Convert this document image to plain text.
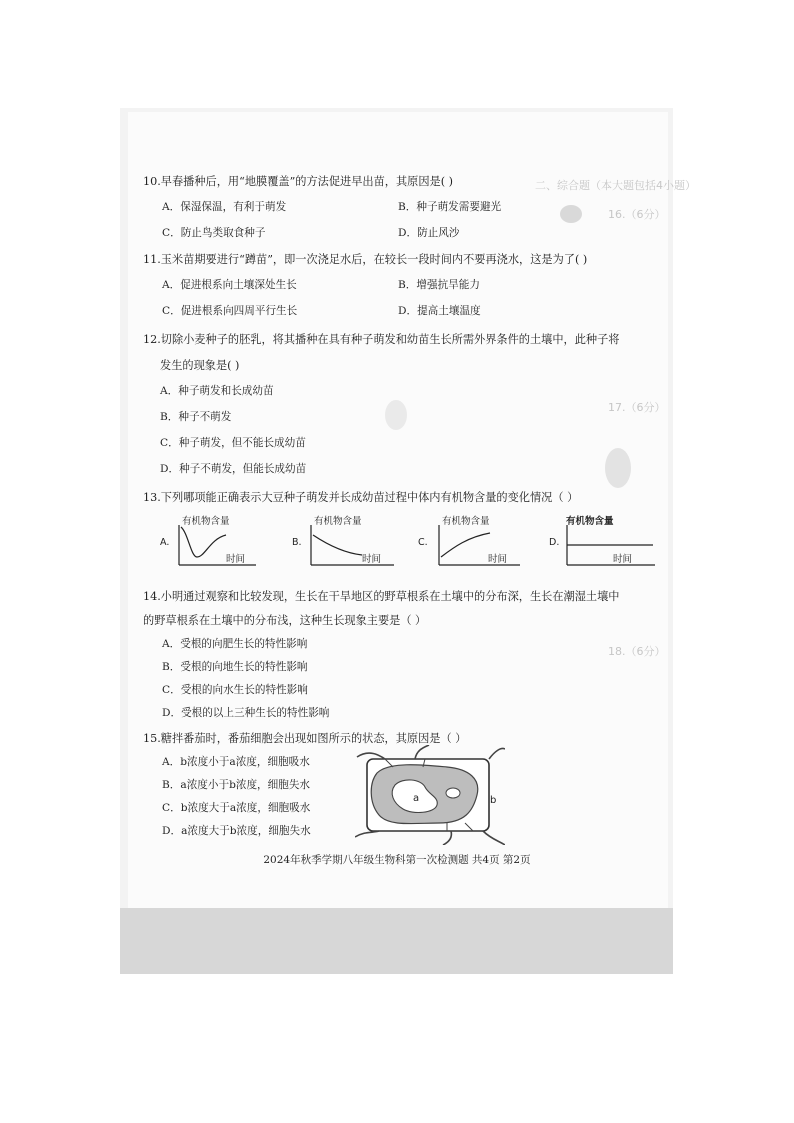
二、综合题（本大题包括4小题）
16.（6分）
17.（6分）
18.（6分）
10.早春播种后，用“地膜覆盖”的方法促进早出苗，其原因是( )
A．保湿保温，有利于萌发	B．种子萌发需要避光
C．防止鸟类取食种子	D．防止风沙
11.玉米苗期要进行“蹲苗”，即一次浇足水后，在较长一段时间内不要再浇水，这是为了( )
A．促进根系向土壤深处生长	B．增强抗旱能力
C．促进根系向四周平行生长	D．提高土壤温度
12.切除小麦种子的胚乳，将其播种在具有种子萌发和幼苗生长所需外界条件的土壤中，此种子将
发生的现象是( )
A．种子萌发和长成幼苗
B．种子不萌发
C．种子萌发，但不能长成幼苗
D．种子不萌发，但能长成幼苗
13.下列哪项能正确表示大豆种子萌发并长成幼苗过程中体内有机物含量的变化情况（ ）
A.
有机物含量
时间
B.
有机物含量
时间
C.
有机物含量
时间
D.
有机物含量
时间
14.小明通过观察和比较发现，生长在干旱地区的野草根系在土壤中的分布深，生长在潮湿土壤中
的野草根系在土壤中的分布浅，这种生长现象主要是（ ）
A．受根的向肥生长的特性影响
B．受根的向地生长的特性影响
C．受根的向水生长的特性影响
D．受根的以上三种生长的特性影响
15.糖拌番茄时，番茄细胞会出现如图所示的状态，其原因是（ ）
A．b浓度小于a浓度，细胞吸水
B．a浓度小于b浓度，细胞失水
C．b浓度大于a浓度，细胞吸水
D．a浓度大于b浓度，细胞失水
a	b
2024年秋季学期八年级生物科第一次检测题 共4页 第2页
